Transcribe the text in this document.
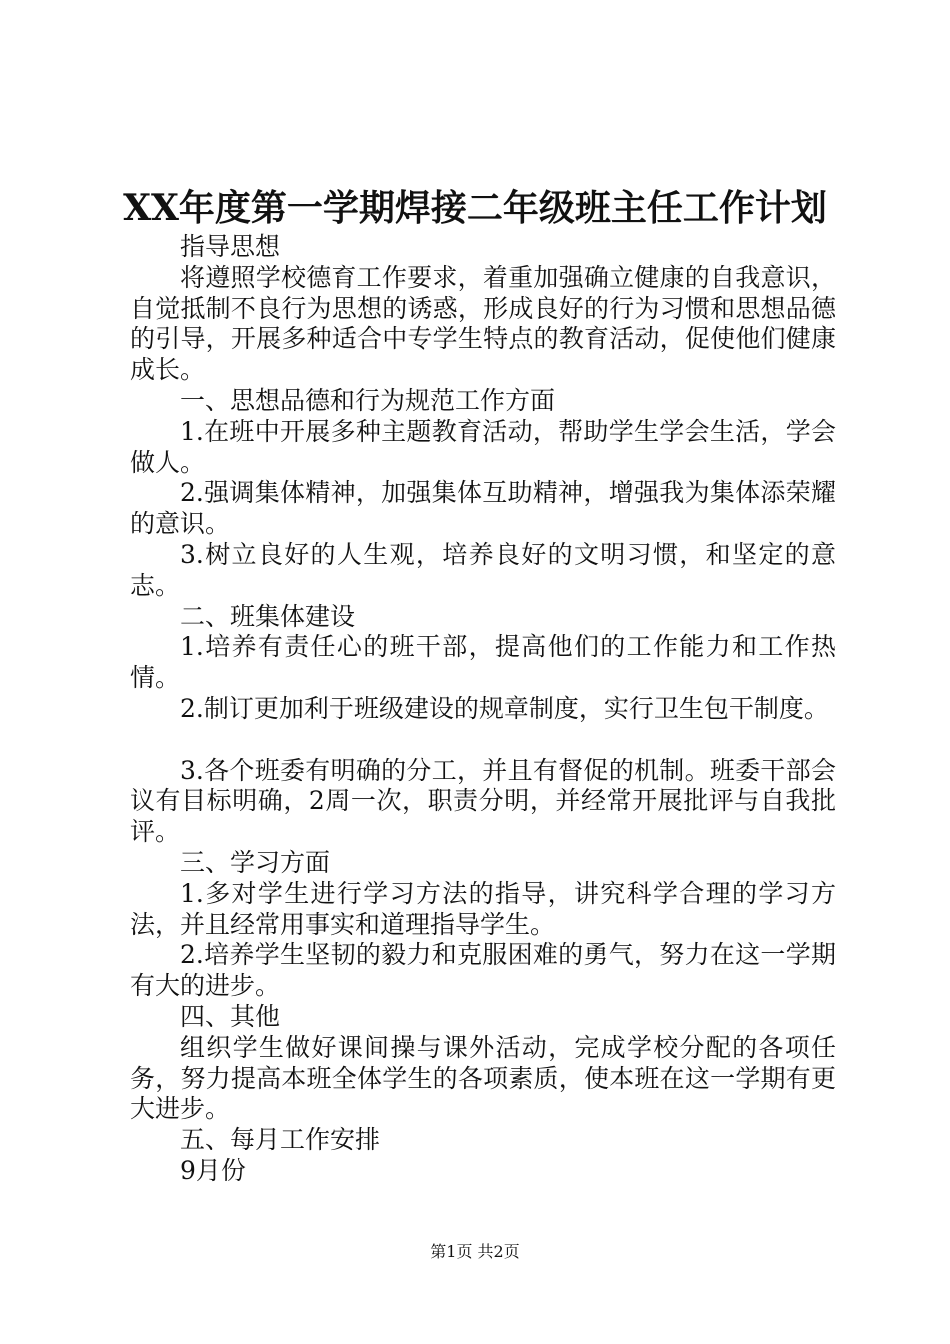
XX年度第一学期焊接二年级班主任工作计划

指导思想

将遵照学校德育工作要求，着重加强确立健康的自我意识，自觉抵制不良行为思想的诱惑，形成良好的行为习惯和思想品德的引导，开展多种适合中专学生特点的教育活动，促使他们健康成长。

一、思想品德和行为规范工作方面

1.在班中开展多种主题教育活动，帮助学生学会生活，学会做人。

2.强调集体精神，加强集体互助精神，增强我为集体添荣耀的意识。

3.树立良好的人生观，培养良好的文明习惯，和坚定的意志。

二、班集体建设

1.培养有责任心的班干部，提高他们的工作能力和工作热情。

2.制订更加利于班级建设的规章制度，实行卫生包干制度。

3.各个班委有明确的分工，并且有督促的机制。班委干部会议有目标明确，2周一次，职责分明，并经常开展批评与自我批评。

三、学习方面

1.多对学生进行学习方法的指导，讲究科学合理的学习方法，并且经常用事实和道理指导学生。

2.培养学生坚韧的毅力和克服困难的勇气，努力在这一学期有大的进步。

四、其他

组织学生做好课间操与课外活动，完成学校分配的各项任务，努力提高本班全体学生的各项素质，使本班在这一学期有更大进步。

五、每月工作安排

9月份

第1页 共2页
